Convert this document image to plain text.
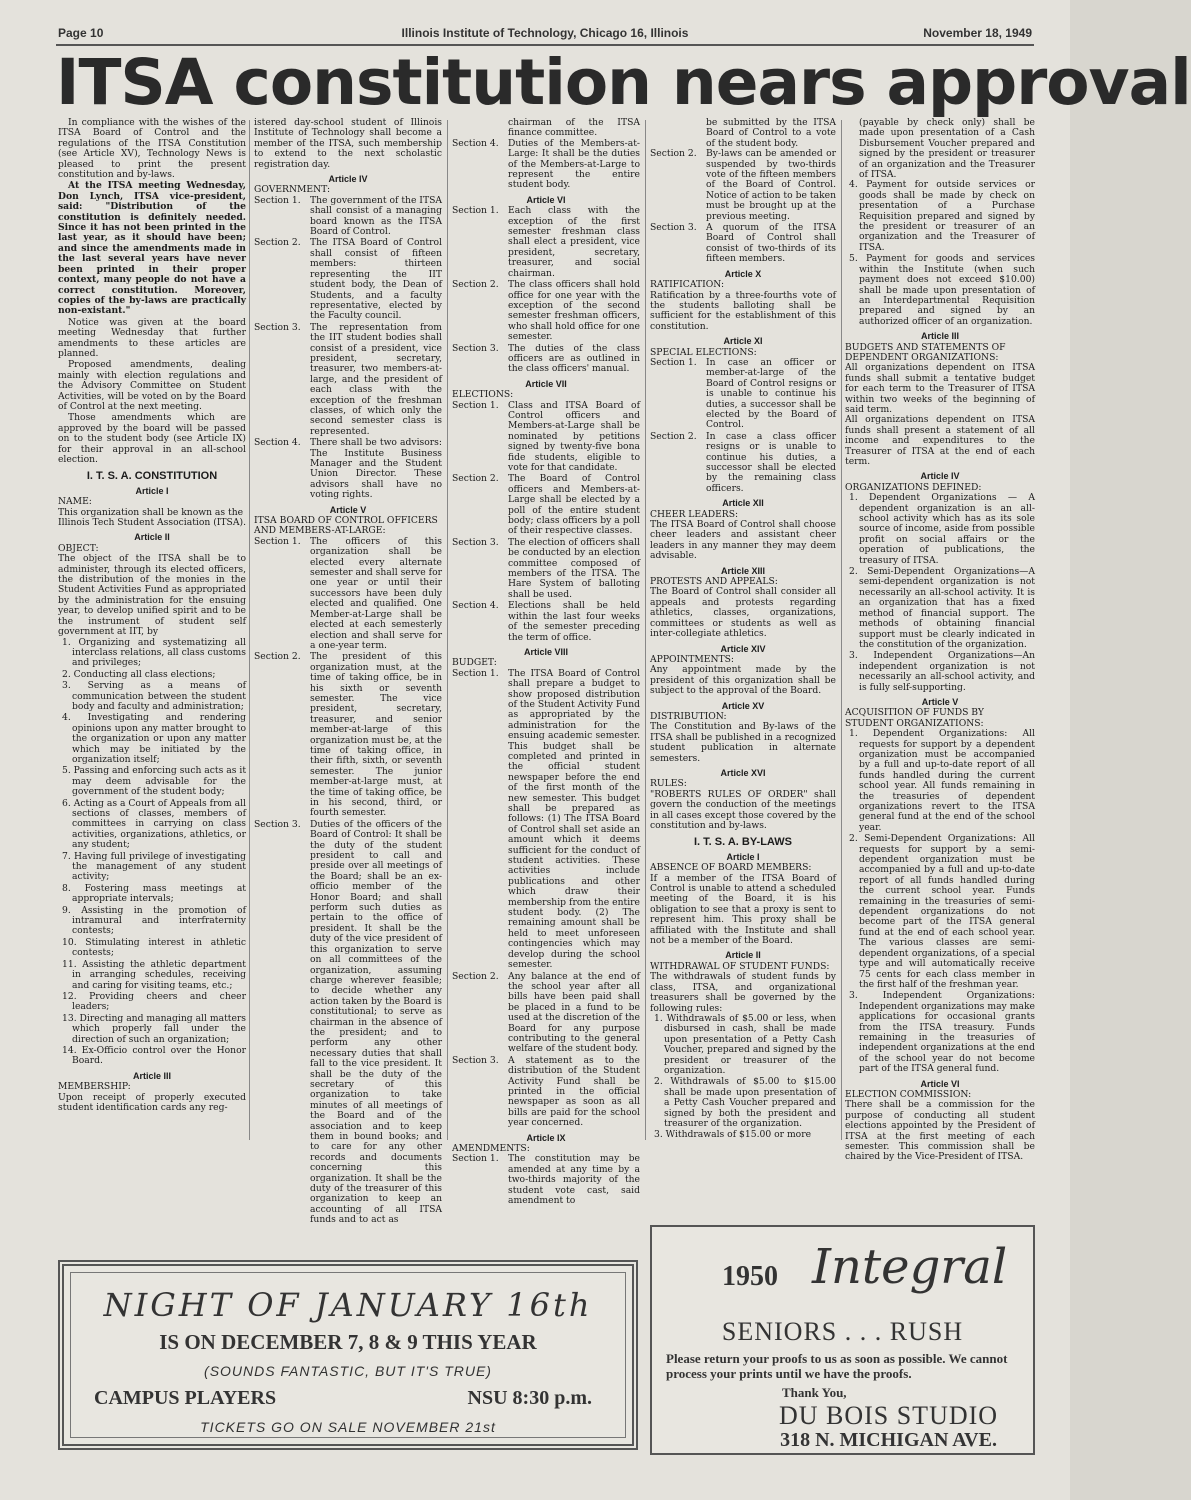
Page 10	Illinois Institute of Technology, Chicago 16, Illinois	November 18, 1949
ITSA constitution nears approval

In compliance with the wishes of the ITSA Board of Control and the regulations of the ITSA Constitution (see Article XV), Technology News is pleased to print the present constitution and by-laws.

At the ITSA meeting Wednesday, Don Lynch, ITSA vice-president, said: "Distribution of the constitution is definitely needed. Since it has not been printed in the last year, as it should have been; and since the amendments made in the last several years have never been printed in their proper context, many people do not have a correct constitution. Moreover, copies of the by-laws are practically non-existant."

Notice was given at the board meeting Wednesday that further amendments to these articles are planned.

Proposed amendments, dealing mainly with election regulations and the Advisory Committee on Student Activities, will be voted on by the Board of Control at the next meeting.

Those amendments which are approved by the board will be passed on to the student body (see Article IX) for their approval in an all-school election.

I. T. S. A. CONSTITUTION
Article I
NAME:
This organization shall be known as the Illinois Tech Student Association (ITSA).
Article II
OBJECT:
The object of the ITSA shall be to administer, through its elected officers, the distribution of the monies in the Student Activities Fund as appropriated by the administration for the ensuing year, to develop unified spirit and to be the instrument of student self government at IIT, by
1. Organizing and systematizing all interclass relations, all class customs and privileges;
2. Conducting all class elections;
3. Serving as a means of communication between the student body and faculty and administration;
4. Investigating and rendering opinions upon any matter brought to the organization or upon any matter which may be initiated by the organization itself;
5. Passing and enforcing such acts as it may deem advisable for the government of the student body;
6. Acting as a Court of Appeals from all sections of classes, members of committees in carrying on class activities, organizations, athletics, or any student;
7. Having full privilege of investigating the management of any student activity;
8. Fostering mass meetings at appropriate intervals;
9. Assisting in the promotion of intramural and interfraternity contests;
10. Stimulating interest in athletic contests;
11. Assisting the athletic department in arranging schedules, receiving and caring for visiting teams, etc.;
12. Providing cheers and cheer leaders;
13. Directing and managing all matters which properly fall under the direction of such an organization;
14. Ex-Officio control over the Honor Board.
Article III
MEMBERSHIP:
Upon receipt of properly executed student identification cards any reg-
istered day-school student of Illinois Institute of Technology shall become a member of the ITSA, such membership to extend to the next scholastic registration day.
Article IV
GOVERNMENT:
Section 1.	The government of the ITSA shall consist of a managing board known as the ITSA Board of Control.
Section 2.	The ITSA Board of Control shall consist of fifteen members: thirteen representing the IIT student body, the Dean of Students, and a faculty representative, elected by the Faculty council.
Section 3.	The representation from the IIT student bodies shall consist of a president, vice president, secretary, treasurer, two members-at-large, and the president of each class with the exception of the freshman classes, of which only the second semester class is represented.
Section 4.	There shall be two advisors: The Institute Business Manager and the Student Union Director. These advisors shall have no voting rights.
Article V
ITSA BOARD OF CONTROL OFFICERS AND MEMBERS-AT-LARGE:
Section 1.	The officers of this organization shall be elected every alternate semester and shall serve for one year or until their successors have been duly elected and qualified. One Member-at-Large shall be elected at each semesterly election and shall serve for a one-year term.
Section 2.	The president of this organization must, at the time of taking office, be in his sixth or seventh semester. The vice president, secretary, treasurer, and senior member-at-large of this organization must be, at the time of taking office, in their fifth, sixth, or seventh semester. The junior member-at-large must, at the time of taking office, be in his second, third, or fourth semester.
Section 3.	Duties of the officers of the Board of Control: It shall be the duty of the student president to call and preside over all meetings of the Board; shall be an ex-officio member of the Honor Board; and shall perform such duties as pertain to the office of president. It shall be the duty of the vice president of this organization to serve on all committees of the organization, assuming charge wherever feasible; to decide whether any action taken by the Board is constitutional; to serve as chairman in the absence of the president; and to perform any other necessary duties that shall fall to the vice president. It shall be the duty of the secretary of this organization to take minutes of all meetings of the Board and of the association and to keep them in bound books; and to care for any other records and documents concerning this organization. It shall be the duty of the treasurer of this organization to keep an accounting of all ITSA funds and to act as
chairman of the ITSA finance committee.
Section 4.	Duties of the Members-at-Large: It shall be the duties of the Members-at-Large to represent the entire student body.
Article VI
Section 1.	Each class with the exception of the first semester freshman class shall elect a president, vice president, secretary, treasurer, and social chairman.
Section 2.	The class officers shall hold office for one year with the exception of the second semester freshman officers, who shall hold office for one semester.
Section 3.	The duties of the class officers are as outlined in the class officers' manual.
Article VII
ELECTIONS:
Section 1.	Class and ITSA Board of Control officers and Members-at-Large shall be nominated by petitions signed by twenty-five bona fide students, eligible to vote for that candidate.
Section 2.	The Board of Control officers and Members-at-Large shall be elected by a poll of the entire student body; class officers by a poll of their respective classes.
Section 3.	The election of officers shall be conducted by an election committee composed of members of the ITSA. The Hare System of balloting shall be used.
Section 4.	Elections shall be held within the last four weeks of the semester preceding the term of office.
Article VIII
BUDGET:
Section 1.	The ITSA Board of Control shall prepare a budget to show proposed distribution of the Student Activity Fund as appropriated by the administration for the ensuing academic semester. This budget shall be completed and printed in the official student newspaper before the end of the first month of the new semester. This budget shall be prepared as follows: (1) The ITSA Board of Control shall set aside an amount which it deems sufficient for the conduct of student activities. These activities include publications and other which draw their membership from the entire student body. (2) The remaining amount shall be held to meet unforeseen contingencies which may develop during the school semester.
Section 2.	Any balance at the end of the school year after all bills have been paid shall be placed in a fund to be used at the discretion of the Board for any purpose contributing to the general welfare of the student body.
Section 3.	A statement as to the distribution of the Student Activity Fund shall be printed in the official newspaper as soon as all bills are paid for the school year concerned.
Article IX
AMENDMENTS:
Section 1.	The constitution may be amended at any time by a two-thirds majority of the student vote cast, said amendment to
be submitted by the ITSA Board of Control to a vote of the student body.
Section 2.	By-laws can be amended or suspended by two-thirds vote of the fifteen members of the Board of Control. Notice of action to be taken must be brought up at the previous meeting.
Section 3.	A quorum of the ITSA Board of Control shall consist of two-thirds of its fifteen members.
Article X
RATIFICATION:
Ratification by a three-fourths vote of the students balloting shall be sufficient for the establishment of this constitution.
Article XI
SPECIAL ELECTIONS:
Section 1.	In case an officer or member-at-large of the Board of Control resigns or is unable to continue his duties, a successor shall be elected by the Board of Control.
Section 2.	In case a class officer resigns or is unable to continue his duties, a successor shall be elected by the remaining class officers.
Article XII
CHEER LEADERS:
The ITSA Board of Control shall choose cheer leaders and assistant cheer leaders in any manner they may deem advisable.
Article XIII
PROTESTS AND APPEALS:
The Board of Control shall consider all appeals and protests regarding athletics, classes, organizations, committees or students as well as inter-collegiate athletics.
Article XIV
APPOINTMENTS:
Any appointment made by the president of this organization shall be subject to the approval of the Board.
Article XV
DISTRIBUTION:
The Constitution and By-laws of the ITSA shall be published in a recognized student publication in alternate semesters.
Article XVI
RULES:
"ROBERTS RULES OF ORDER" shall govern the conduction of the meetings in all cases except those covered by the constitution and by-laws.
I. T. S. A. BY-LAWS
Article I
ABSENCE OF BOARD MEMBERS:
If a member of the ITSA Board of Control is unable to attend a scheduled meeting of the Board, it is his obligation to see that a proxy is sent to represent him. This proxy shall be affiliated with the Institute and shall not be a member of the Board.
Article II
WITHDRAWAL OF STUDENT FUNDS:
The withdrawals of student funds by class, ITSA, and organizational treasurers shall be governed by the following rules:
1. Withdrawals of $5.00 or less, when disbursed in cash, shall be made upon presentation of a Petty Cash Voucher, prepared and signed by the president or treasurer of the organization.
2. Withdrawals of $5.00 to $15.00 shall be made upon presentation of a Petty Cash Voucher prepared and signed by both the president and treasurer of the organization.
3. Withdrawals of $15.00 or more
(payable by check only) shall be made upon presentation of a Cash Disbursement Voucher prepared and signed by the president or treasurer of an organization and the Treasurer of ITSA.
4. Payment for outside services or goods shall be made by check on presentation of a Purchase Requisition prepared and signed by the president or treasurer of an organization and the Treasurer of ITSA.
5. Payment for goods and services within the Institute (when such payment does not exceed $10.00) shall be made upon presentation of an Interdepartmental Requisition prepared and signed by an authorized officer of an organization.
Article III
BUDGETS AND STATEMENTS OF DEPENDENT ORGANIZATIONS:
All organizations dependent on ITSA funds shall submit a tentative budget for each term to the Treasurer of ITSA within two weeks of the beginning of said term.
All organizations dependent on ITSA funds shall present a statement of all income and expenditures to the Treasurer of ITSA at the end of each term.
Article IV
ORGANIZATIONS DEFINED:
1. Dependent Organizations — A dependent organization is an all-school activity which has as its sole source of income, aside from possible profit on social affairs or the operation of publications, the treasury of ITSA.
2. Semi-Dependent Organizations—A semi-dependent organization is not necessarily an all-school activity. It is an organization that has a fixed method of financial support. The methods of obtaining financial support must be clearly indicated in the constitution of the organization.
3. Independent Organizations—An independent organization is not necessarily an all-school activity, and is fully self-supporting.
Article V
ACQUISITION OF FUNDS BY STUDENT ORGANIZATIONS:
1. Dependent Organizations: All requests for support by a dependent organization must be accompanied by a full and up-to-date report of all funds handled during the current school year. All funds remaining in the treasuries of dependent organizations revert to the ITSA general fund at the end of the school year.
2. Semi-Dependent Organizations: All requests for support by a semi-dependent organization must be accompanied by a full and up-to-date report of all funds handled during the current school year. Funds remaining in the treasuries of semi-dependent organizations do not become part of the ITSA general fund at the end of each school year. The various classes are semi-dependent organizations, of a special type and will automatically receive 75 cents for each class member in the first half of the freshman year.
3. Independent Organizations: Independent organizations may make applications for occasional grants from the ITSA treasury. Funds remaining in the treasuries of independent organizations at the end of the school year do not become part of the ITSA general fund.
Article VI
ELECTION COMMISSION:
There shall be a commission for the purpose of conducting all student elections appointed by the President of ITSA at the first meeting of each semester. This commission shall be chaired by the Vice-President of ITSA.
NIGHT OF JANUARY 16th
IS ON DECEMBER 7, 8 & 9 THIS YEAR
(SOUNDS FANTASTIC, BUT IT'S TRUE)
CAMPUS PLAYERS	NSU 8:30 p.m.
TICKETS GO ON SALE NOVEMBER 21st
1950 Integral
SENIORS . . . RUSH
Please return your proofs to us as soon as possible. We cannot process your prints until we have the proofs.
Thank You,
DU BOIS STUDIO
318 N. MICHIGAN AVE.
